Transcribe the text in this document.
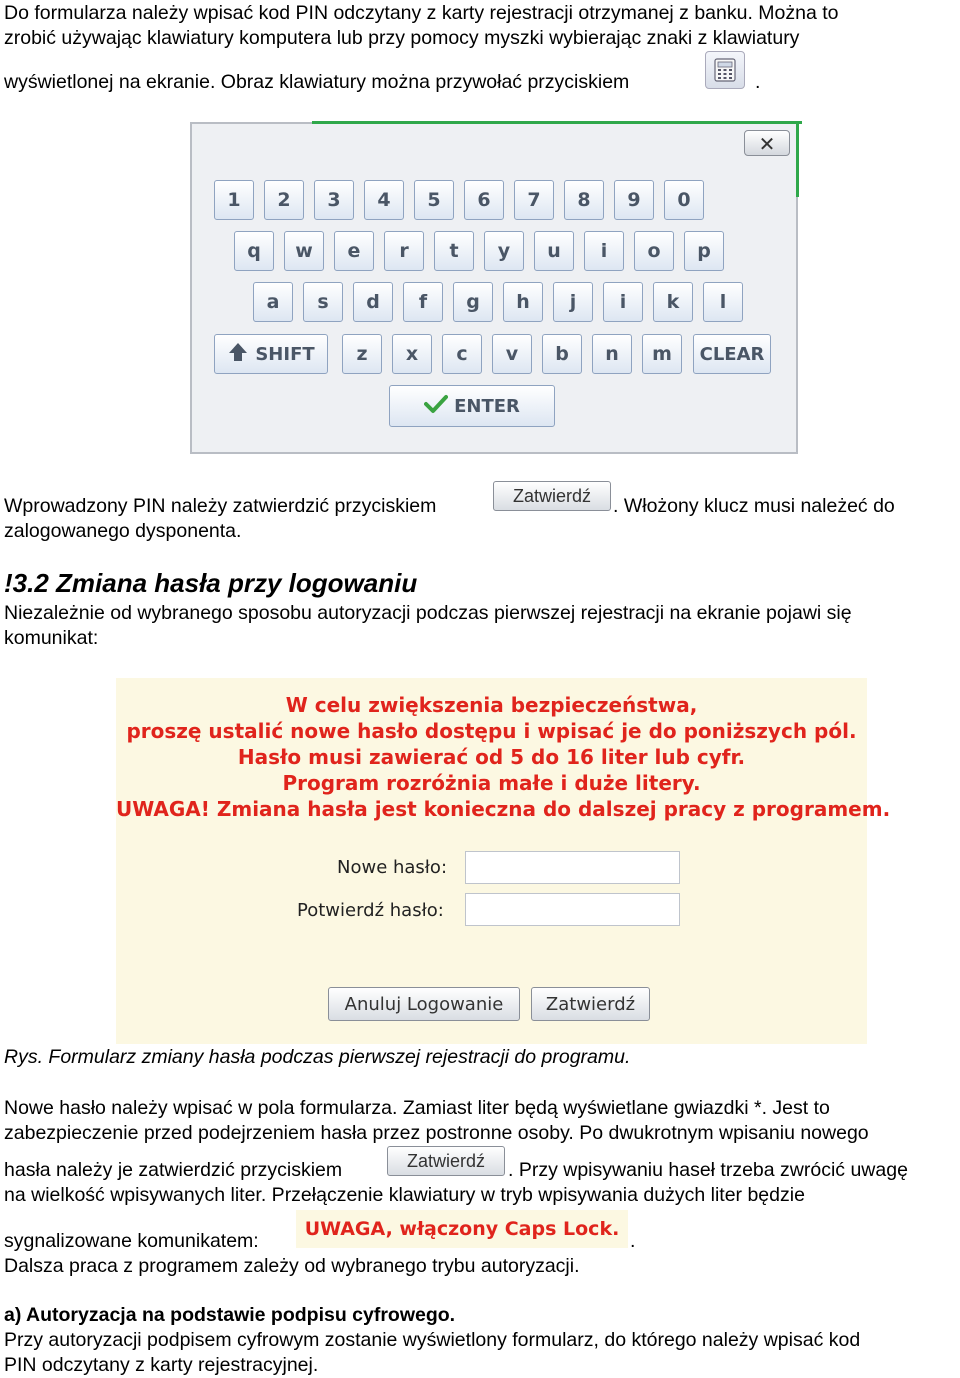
Do formularza należy wpisać kod PIN odczytany z karty rejestracji otrzymanej z banku. Można to
zrobić używając klawiatury komputera lub przy pomocy myszki wybierając znaki z klawiatury
wyświetlonej na ekranie. Obraz klawiatury można przywołać przyciskiem	.
✕
1 2 3 4 5 6 7 8 9 0
q w e r t y u i o p
a s d f g h j i k l
z x c v b n m
SHIFT	CLEAR
ENTER
Wprowadzony PIN należy zatwierdzić przyciskiem	Zatwierdź	. Włożony klucz musi należeć do
zalogowanego dysponenta.
!3.2 Zmiana hasła przy logowaniu
Niezależnie od wybranego sposobu autoryzacji podczas pierwszej rejestracji na ekranie pojawi się
komunikat:
W celu zwiększenia bezpieczeństwa,
proszę ustalić nowe hasło dostępu i wpisać je do poniższych pól.
Hasło musi zawierać od 5 do 16 liter lub cyfr.
Program rozróżnia małe i duże litery.
UWAGA! Zmiana hasła jest konieczna do dalszej pracy z programem.
Nowe hasło:
Potwierdź hasło:
Anuluj Logowanie	Zatwierdź
Rys. Formularz zmiany hasła podczas pierwszej rejestracji do programu.
Nowe hasło należy wpisać w pola formularza. Zamiast liter będą wyświetlane gwiazdki *. Jest to
zabezpieczenie przed podejrzeniem hasła przez postronne osoby. Po dwukrotnym wpisaniu nowego
hasła należy je zatwierdzić przyciskiem	Zatwierdź	. Przy wpisywaniu haseł trzeba zwrócić uwagę
na wielkość wpisywanych liter. Przełączenie klawiatury w tryb wpisywania dużych liter będzie
sygnalizowane komunikatem:
UWAGA, włączony Caps Lock.
.
Dalsza praca z programem zależy od wybranego trybu autoryzacji.
a) Autoryzacja na podstawie podpisu cyfrowego.
Przy autoryzacji podpisem cyfrowym zostanie wyświetlony formularz, do którego należy wpisać kod
PIN odczytany z karty rejestracyjnej.
